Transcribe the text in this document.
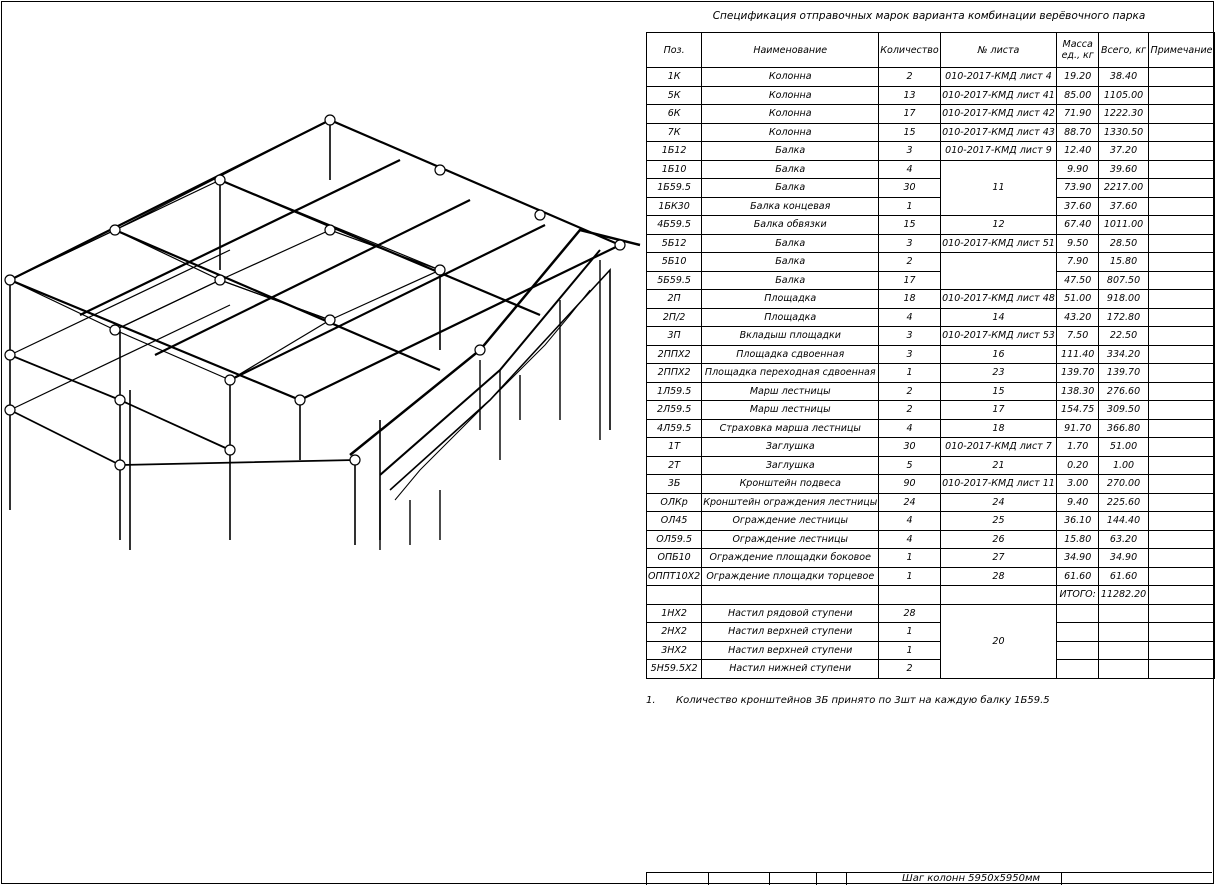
Спецификация отправочных марок варианта комбинации верёвочного парка
Поз.	Наименование	Количество	№ листа	Масса ед., кг	Всего, кг	Примечание
1К	Колонна	2	010-2017-КМД лист 4	19.20	38.40	
5К	Колонна	13	010-2017-КМД лист 41	85.00	1105.00	
6К	Колонна	17	010-2017-КМД лист 42	71.90	1222.30	
7К	Колонна	15	010-2017-КМД лист 43	88.70	1330.50	
1Б12	Балка	3	010-2017-КМД лист 9	12.40	37.20	
1Б10	Балка	4	11	9.90	39.60	
1Б59.5	Балка	30		73.90	2217.00	
1БК30	Балка концевая	1		37.60	37.60	
4Б59.5	Балка обвязки	15	12	67.40	1011.00	
5Б12	Балка	3	010-2017-КМД лист 51	9.50	28.50	
5Б10	Балка	2		7.90	15.80	
5Б59.5	Балка	17		47.50	807.50	
2П	Площадка	18	010-2017-КМД лист 48	51.00	918.00	
2П/2	Площадка	4	14	43.20	172.80	
3П	Вкладыш площадки	3	010-2017-КМД лист 53	7.50	22.50	
2ППХ2	Площадка сдвоенная	3	16	111.40	334.20	
2ППХ2	Площадка переходная сдвоенная	1	23	139.70	139.70	
1Л59.5	Марш лестницы	2	15	138.30	276.60	
2Л59.5	Марш лестницы	2	17	154.75	309.50	
4Л59.5	Страховка марша лестницы	4	18	91.70	366.80	
1Т	Заглушка	30	010-2017-КМД лист 7	1.70	51.00	
2Т	Заглушка	5	21	0.20	1.00	
3Б	Кронштейн подвеса	90	010-2017-КМД лист 11	3.00	270.00	
ОЛКр	Кронштейн ограждения лестницы	24	24	9.40	225.60	
ОЛ45	Ограждение лестницы	4	25	36.10	144.40	
ОЛ59.5	Ограждение лестницы	4	26	15.80	63.20	
ОПБ10	Ограждение площадки боковое	1	27	34.90	34.90	
ОППТ10Х2	Ограждение площадки торцевое	1	28	61.60	61.60	
				ИТОГО:	11282.20	
1НХ2	Настил рядовой ступени	28	20			
2НХ2	Настил верхней ступени	1				
3НХ2	Настил верхней ступени	1				
5Н59.5Х2	Настил нижней ступени	2				
1. Количество кронштейнов 3Б принято по 3шт на каждую балку 1Б59.5
Шаг колонн 5950х5950мм
